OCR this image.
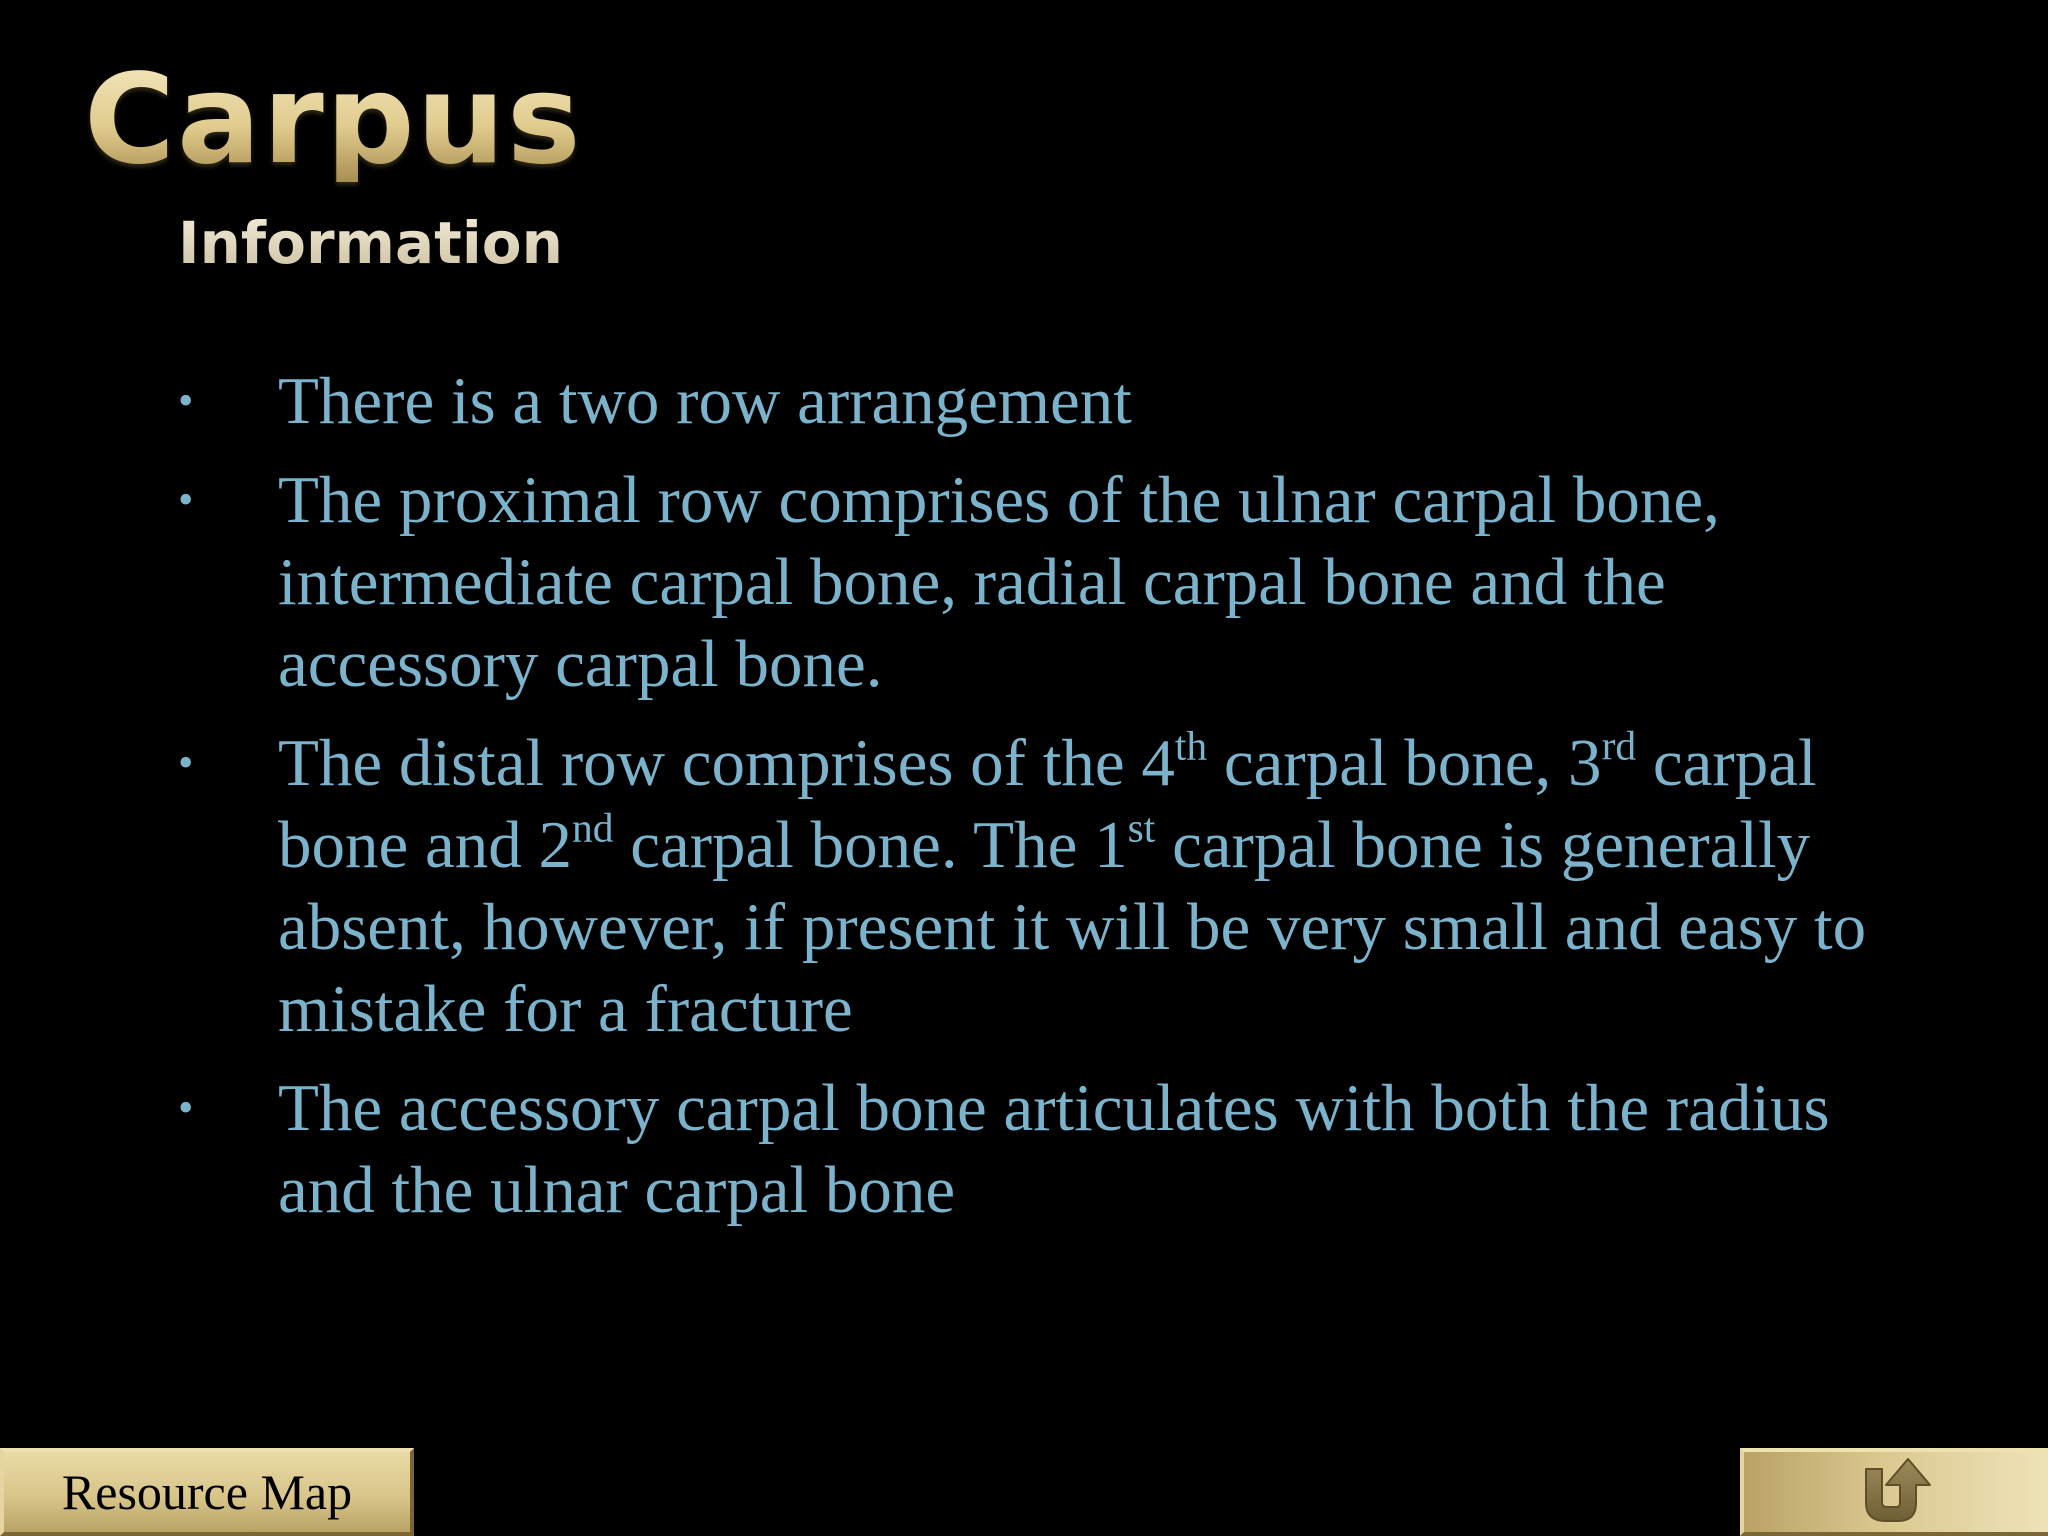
Carpus
Information
• There is a two row arrangement
• The proximal row comprises of the ulnar carpal bone, intermediate carpal bone, radial carpal bone and the accessory carpal bone.
• The distal row comprises of the 4th carpal bone, 3rd carpal bone and 2nd carpal bone. The 1st carpal bone is generally absent, however, if present it will be very small and easy to mistake for a fracture
• The accessory carpal bone articulates with both the radius and the ulnar carpal bone
Resource Map
